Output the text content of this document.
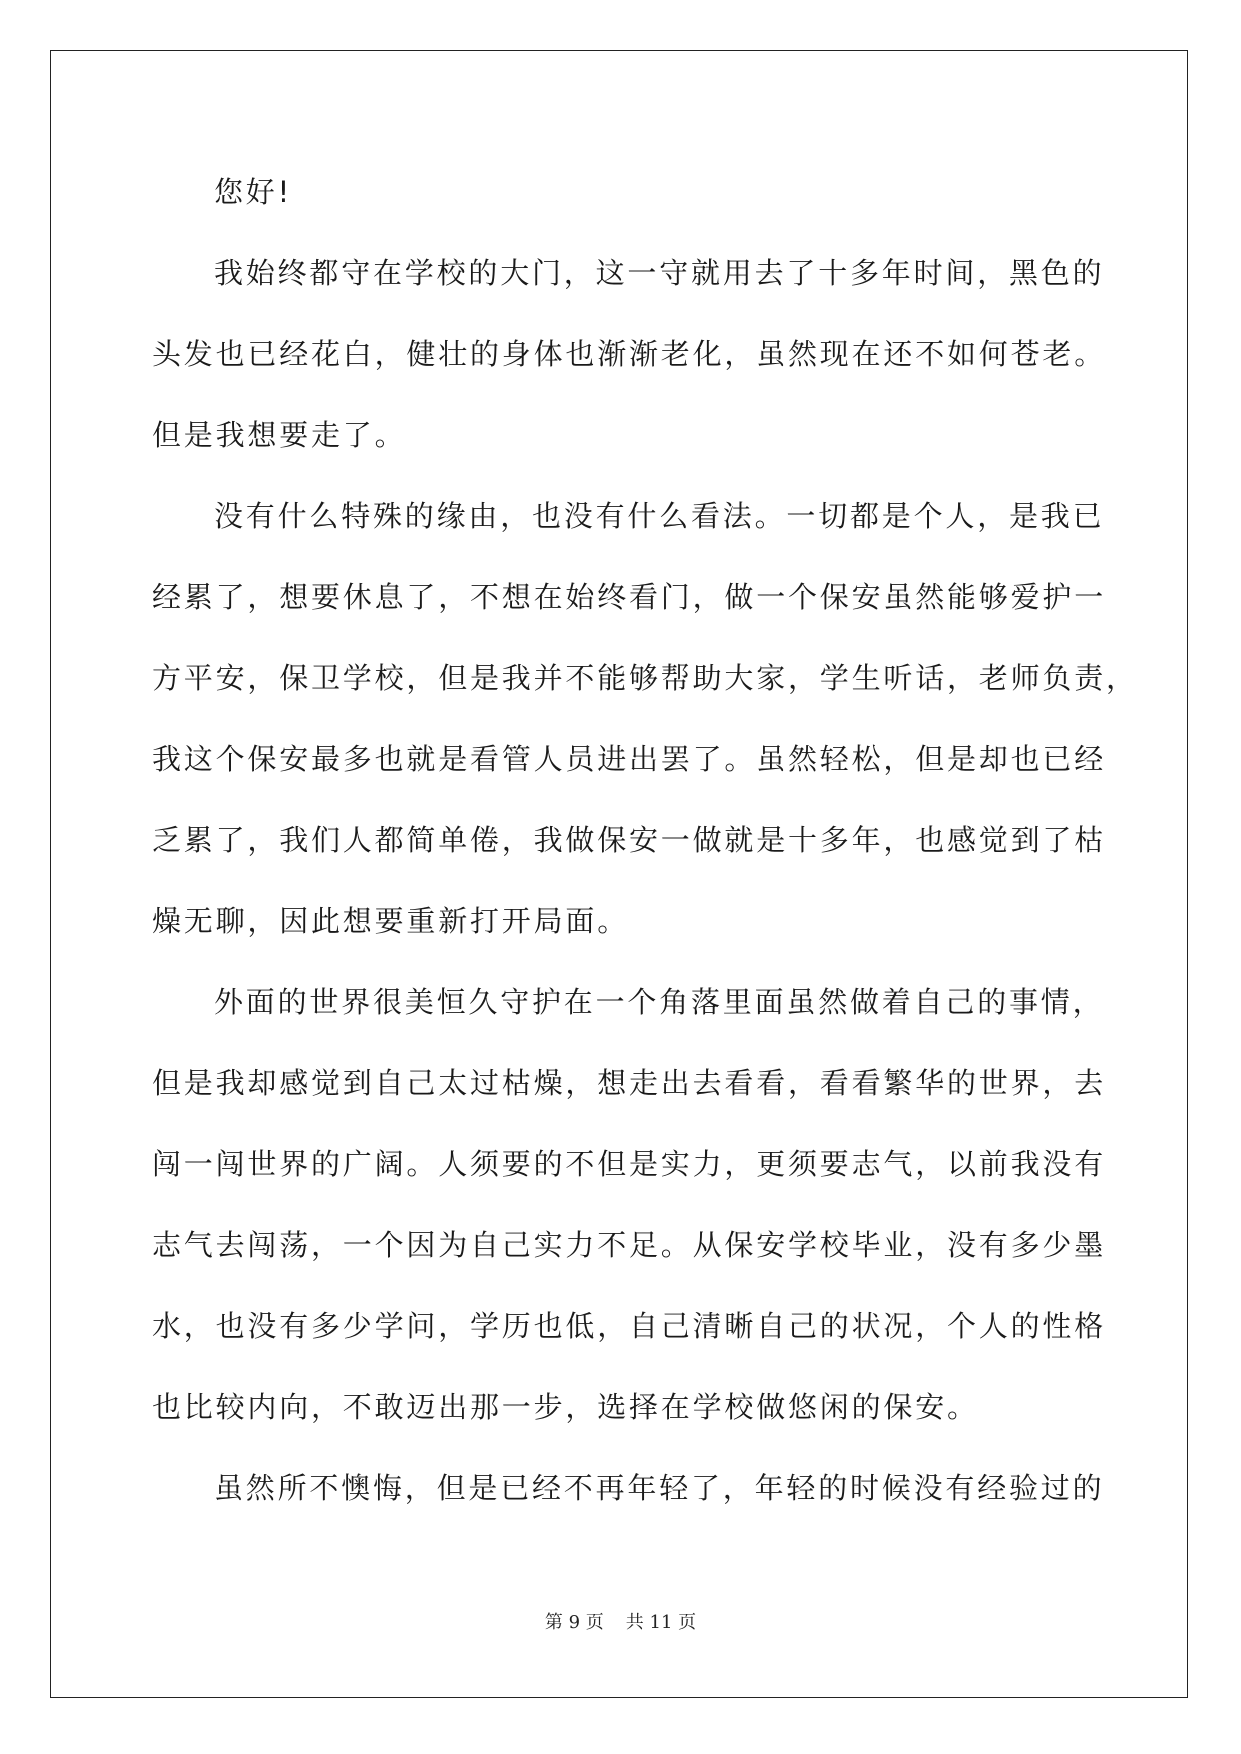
您好!
我始终都守在学校的大门，这一守就用去了十多年时间，黑色的
头发也已经花白，健壮的身体也渐渐老化，虽然现在还不如何苍老。
但是我想要走了。
没有什么特殊的缘由，也没有什么看法。一切都是个人，是我已
经累了，想要休息了，不想在始终看门，做一个保安虽然能够爱护一
方平安，保卫学校，但是我并不能够帮助大家，学生听话，老师负责，
我这个保安最多也就是看管人员进出罢了。虽然轻松，但是却也已经
乏累了，我们人都简单倦，我做保安一做就是十多年，也感觉到了枯
燥无聊，因此想要重新打开局面。
外面的世界很美恒久守护在一个角落里面虽然做着自己的事情，
但是我却感觉到自己太过枯燥，想走出去看看，看看繁华的世界，去
闯一闯世界的广阔。人须要的不但是实力，更须要志气，以前我没有
志气去闯荡，一个因为自己实力不足。从保安学校毕业，没有多少墨
水，也没有多少学问，学历也低，自己清晰自己的状况，个人的性格
也比较内向，不敢迈出那一步，选择在学校做悠闲的保安。
虽然所不懊悔，但是已经不再年轻了，年轻的时候没有经验过的
第 9 页 共 11 页
